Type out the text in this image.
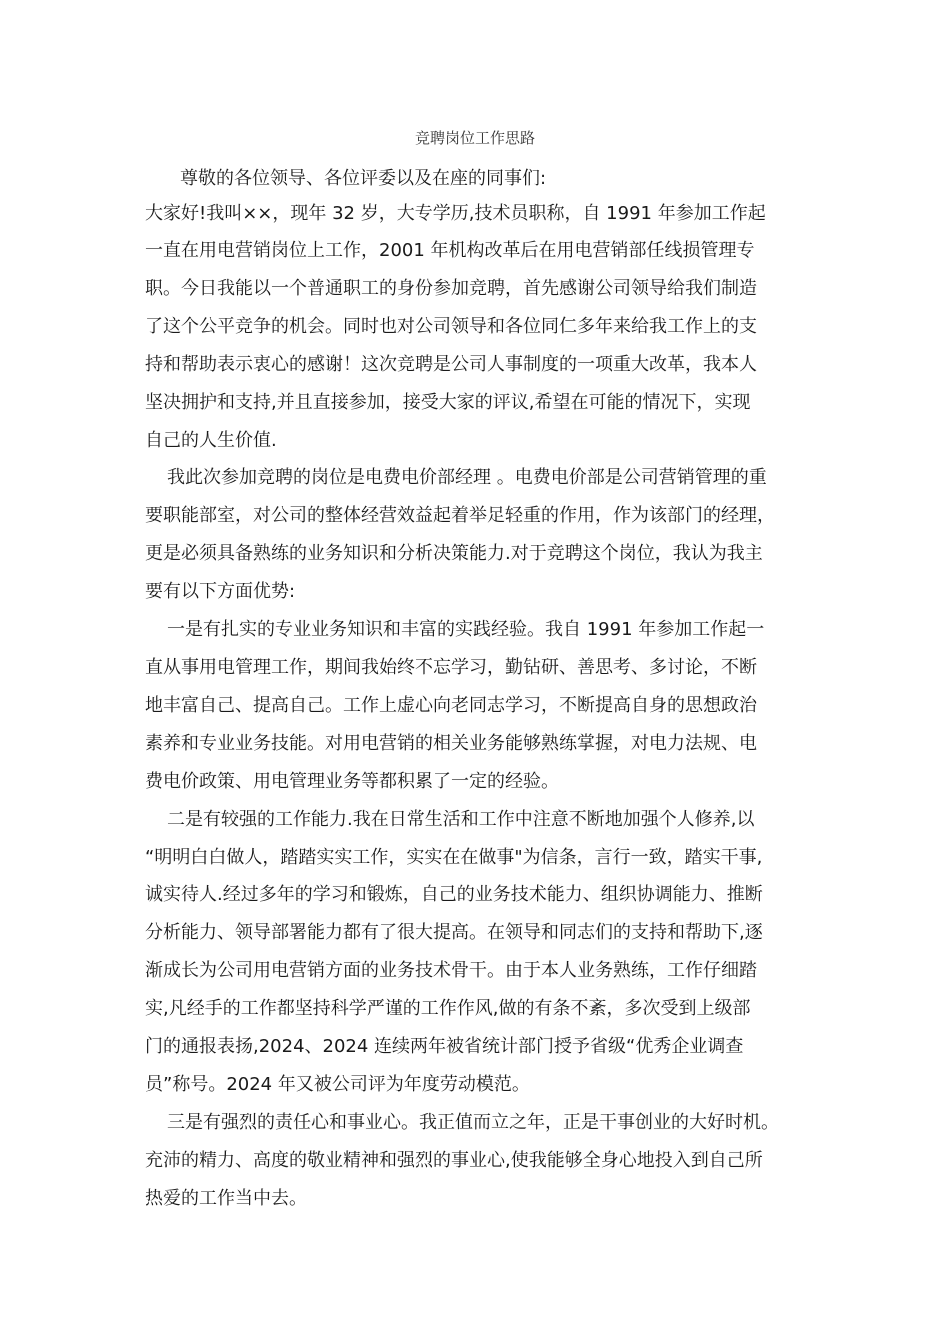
竞聘岗位工作思路
尊敬的各位领导、各位评委以及在座的同事们:
大家好!我叫××，现年 32 岁，大专学历,技术员职称，自 1991 年参加工作起
一直在用电营销岗位上工作，2001 年机构改革后在用电营销部任线损管理专
职。今日我能以一个普通职工的身份参加竞聘，首先感谢公司领导给我们制造
了这个公平竞争的机会。同时也对公司领导和各位同仁多年来给我工作上的支
持和帮助表示衷心的感谢！这次竞聘是公司人事制度的一项重大改革，我本人
坚决拥护和支持,并且直接参加，接受大家的评议,希望在可能的情况下，实现
自己的人生价值.
我此次参加竞聘的岗位是电费电价部经理 。电费电价部是公司营销管理的重
要职能部室，对公司的整体经营效益起着举足轻重的作用，作为该部门的经理，
更是必须具备熟练的业务知识和分析决策能力.对于竞聘这个岗位，我认为我主
要有以下方面优势:
一是有扎实的专业业务知识和丰富的实践经验。我自 1991 年参加工作起一
直从事用电管理工作，期间我始终不忘学习，勤钻研、善思考、多讨论，不断
地丰富自己、提高自己。工作上虚心向老同志学习，不断提高自身的思想政治
素养和专业业务技能。对用电营销的相关业务能够熟练掌握，对电力法规、电
费电价政策、用电管理业务等都积累了一定的经验。
二是有较强的工作能力.我在日常生活和工作中注意不断地加强个人修养,以
“明明白白做人，踏踏实实工作，实实在在做事"为信条，言行一致，踏实干事,
诚实待人.经过多年的学习和锻炼，自己的业务技术能力、组织协调能力、推断
分析能力、领导部署能力都有了很大提高。在领导和同志们的支持和帮助下,逐
渐成长为公司用电营销方面的业务技术骨干。由于本人业务熟练，工作仔细踏
实,凡经手的工作都坚持科学严谨的工作作风,做的有条不紊，多次受到上级部
门的通报表扬,2024、2024 连续两年被省统计部门授予省级“优秀企业调查
员”称号。2024 年又被公司评为年度劳动模范。
三是有强烈的责任心和事业心。我正值而立之年，正是干事创业的大好时机。
充沛的精力、高度的敬业精神和强烈的事业心,使我能够全身心地投入到自己所
热爱的工作当中去。
